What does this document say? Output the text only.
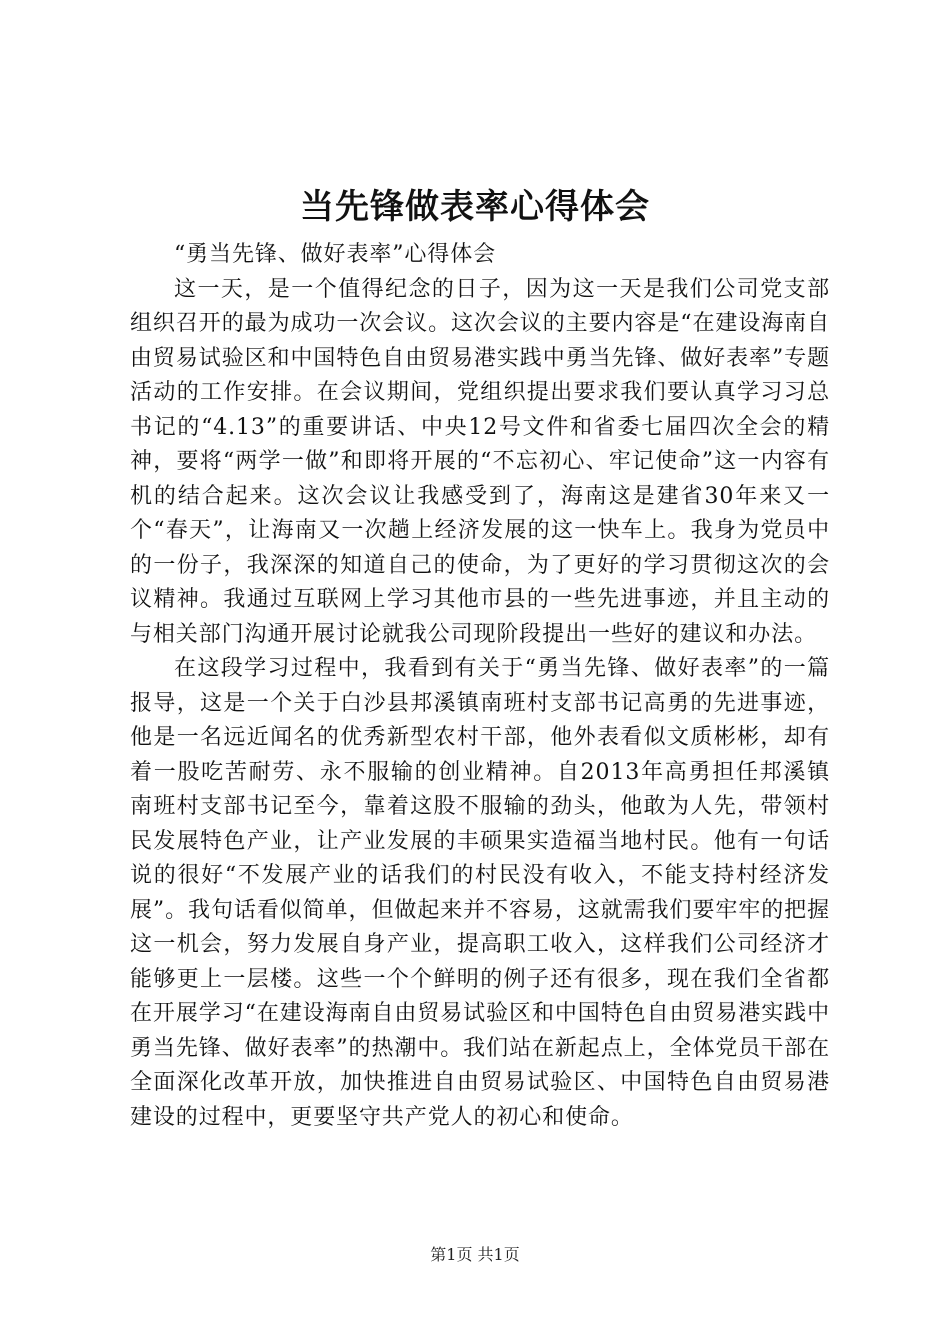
当先锋做表率心得体会

“勇当先锋、做好表率”心得体会

这一天，是一个值得纪念的日子，因为这一天是我们公司党支部组织召开的最为成功一次会议。这次会议的主要内容是“在建设海南自由贸易试验区和中国特色自由贸易港实践中勇当先锋、做好表率”专题活动的工作安排。在会议期间，党组织提出要求我们要认真学习习总书记的“4.13”的重要讲话、中央12号文件和省委七届四次全会的精神，要将“两学一做”和即将开展的“不忘初心、牢记使命”这一内容有机的结合起来。这次会议让我感受到了，海南这是建省30年来又一个“春天”，让海南又一次趟上经济发展的这一快车上。我身为党员中的一份子，我深深的知道自己的使命，为了更好的学习贯彻这次的会议精神。我通过互联网上学习其他市县的一些先进事迹，并且主动的与相关部门沟通开展讨论就我公司现阶段提出一些好的建议和办法。

在这段学习过程中，我看到有关于“勇当先锋、做好表率”的一篇报导，这是一个关于白沙县邦溪镇南班村支部书记高勇的先进事迹，他是一名远近闻名的优秀新型农村干部，他外表看似文质彬彬，却有着一股吃苦耐劳、永不服输的创业精神。自2013年高勇担任邦溪镇南班村支部书记至今，靠着这股不服输的劲头，他敢为人先，带领村民发展特色产业，让产业发展的丰硕果实造福当地村民。他有一句话说的很好“不发展产业的话我们的村民没有收入，不能支持村经济发展”。我句话看似简单，但做起来并不容易，这就需我们要牢牢的把握这一机会，努力发展自身产业，提高职工收入，这样我们公司经济才能够更上一层楼。这些一个个鲜明的例子还有很多，现在我们全省都在开展学习“在建设海南自由贸易试验区和中国特色自由贸易港实践中勇当先锋、做好表率”的热潮中。我们站在新起点上，全体党员干部在全面深化改革开放，加快推进自由贸易试验区、中国特色自由贸易港建设的过程中，更要坚守共产党人的初心和使命。

第1页 共1页
